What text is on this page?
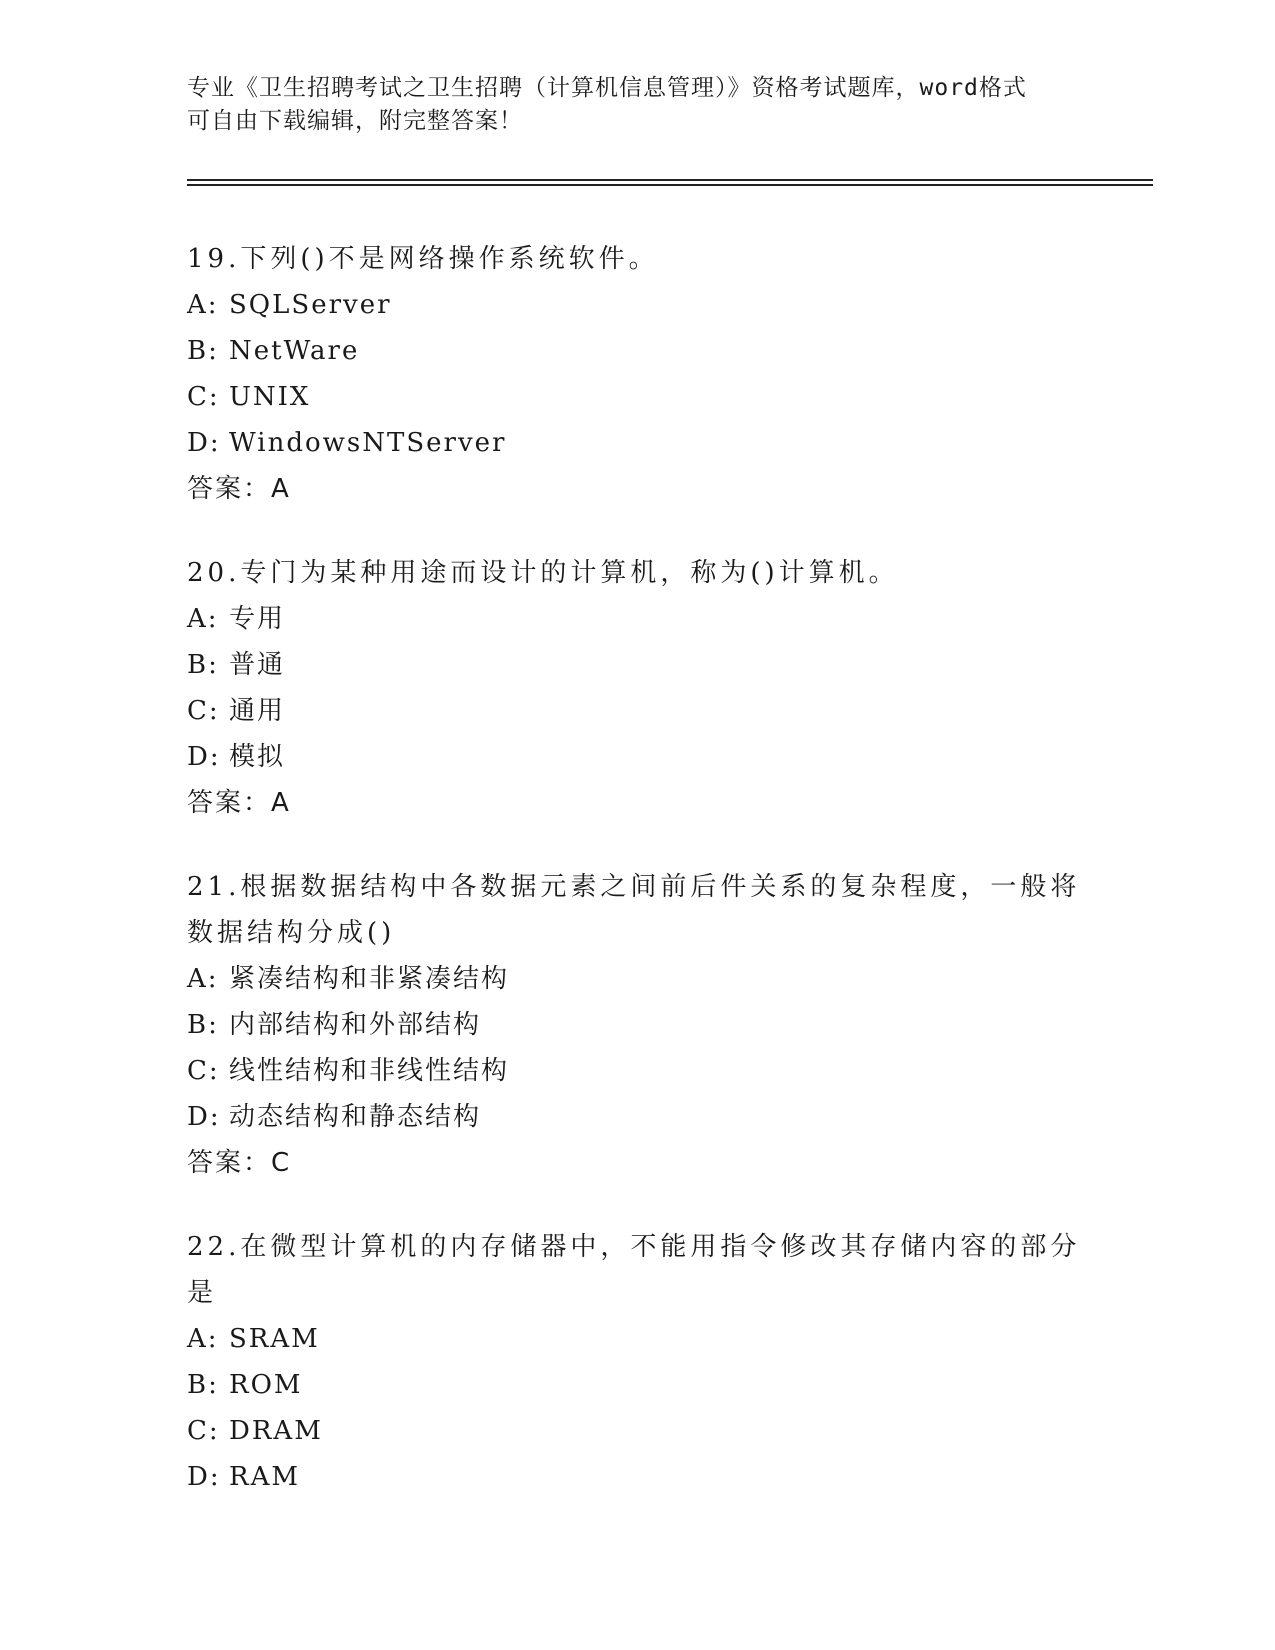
专业《卫生招聘考试之卫生招聘（计算机信息管理）》资格考试题库，word格式
可自由下载编辑，附完整答案！

19.下列()不是网络操作系统软件。

A: SQLServer

B: NetWare

C: UNIX

D: WindowsNTServer

答案：A

20.专门为某种用途而设计的计算机，称为()计算机。

A: 专用

B: 普通

C: 通用

D: 模拟

答案：A

21.根据数据结构中各数据元素之间前后件关系的复杂程度，一般将数据结构分成()

A: 紧凑结构和非紧凑结构

B: 内部结构和外部结构

C: 线性结构和非线性结构

D: 动态结构和静态结构

答案：C

22.在微型计算机的内存储器中，不能用指令修改其存储内容的部分是

A: SRAM

B: ROM

C: DRAM

D: RAM
